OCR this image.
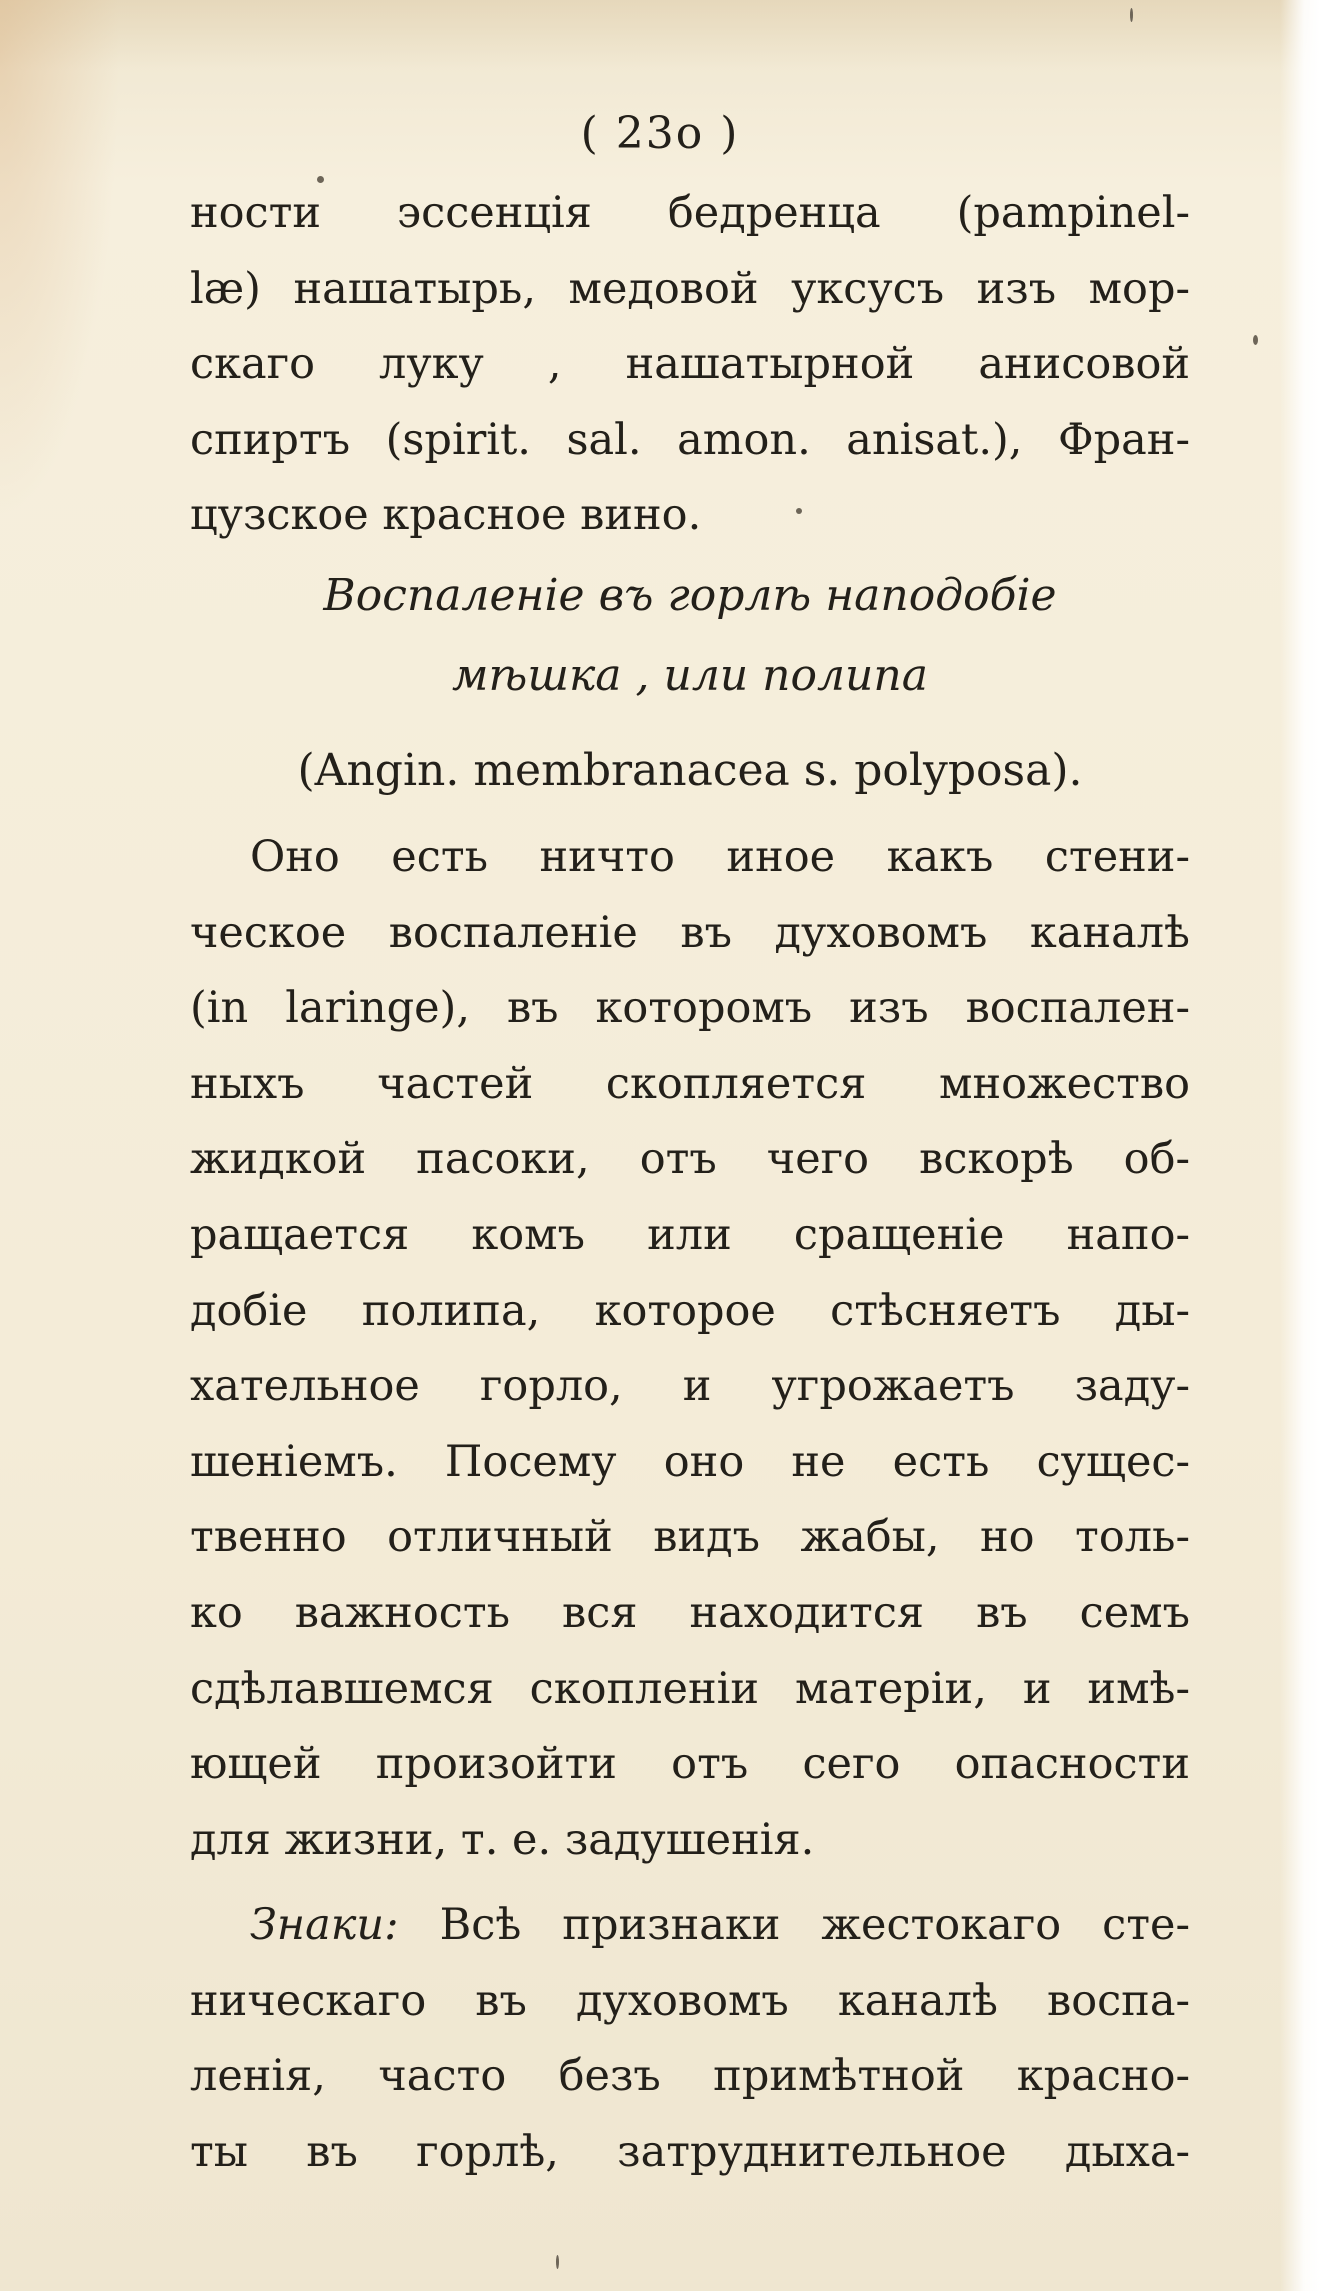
( 23о )
ности эссенція бедренца (pampinel-
læ) нашатырь, медовой уксусъ изъ мор-
скаго луку , нашатырной анисовой
спиртъ (spirit. sal. amon. anisat.), Фран-
цузское красное вино.
Воспаленіе въ горлѣ наподобіе
мѣшка , или полипа
(Angin. membranacea s. polyposa).
Оно есть ничто иное какъ стени-
ческое воспаленіе въ духовомъ каналѣ
(in laringe), въ которомъ изъ воспален-
ныхъ частей скопляется множество
жидкой пасоки, отъ чего вскорѣ об-
ращается комъ или сращеніе напо-
добіе полипа, которое стѣсняетъ ды-
хательное горло, и угрожаетъ заду-
шеніемъ. Посему оно не есть сущес-
твенно отличный видъ жабы, но толь-
ко важность вся находится въ семъ
сдѣлавшемся скопленіи матеріи, и имѣ-
ющей произойти отъ сего опасности
для жизни, т. е. задушенія.
Знаки: Всѣ признаки жестокаго сте-
ническаго въ духовомъ каналѣ воспа-
ленія, часто безъ примѣтной красно-
ты въ горлѣ, затруднительное дыха-
